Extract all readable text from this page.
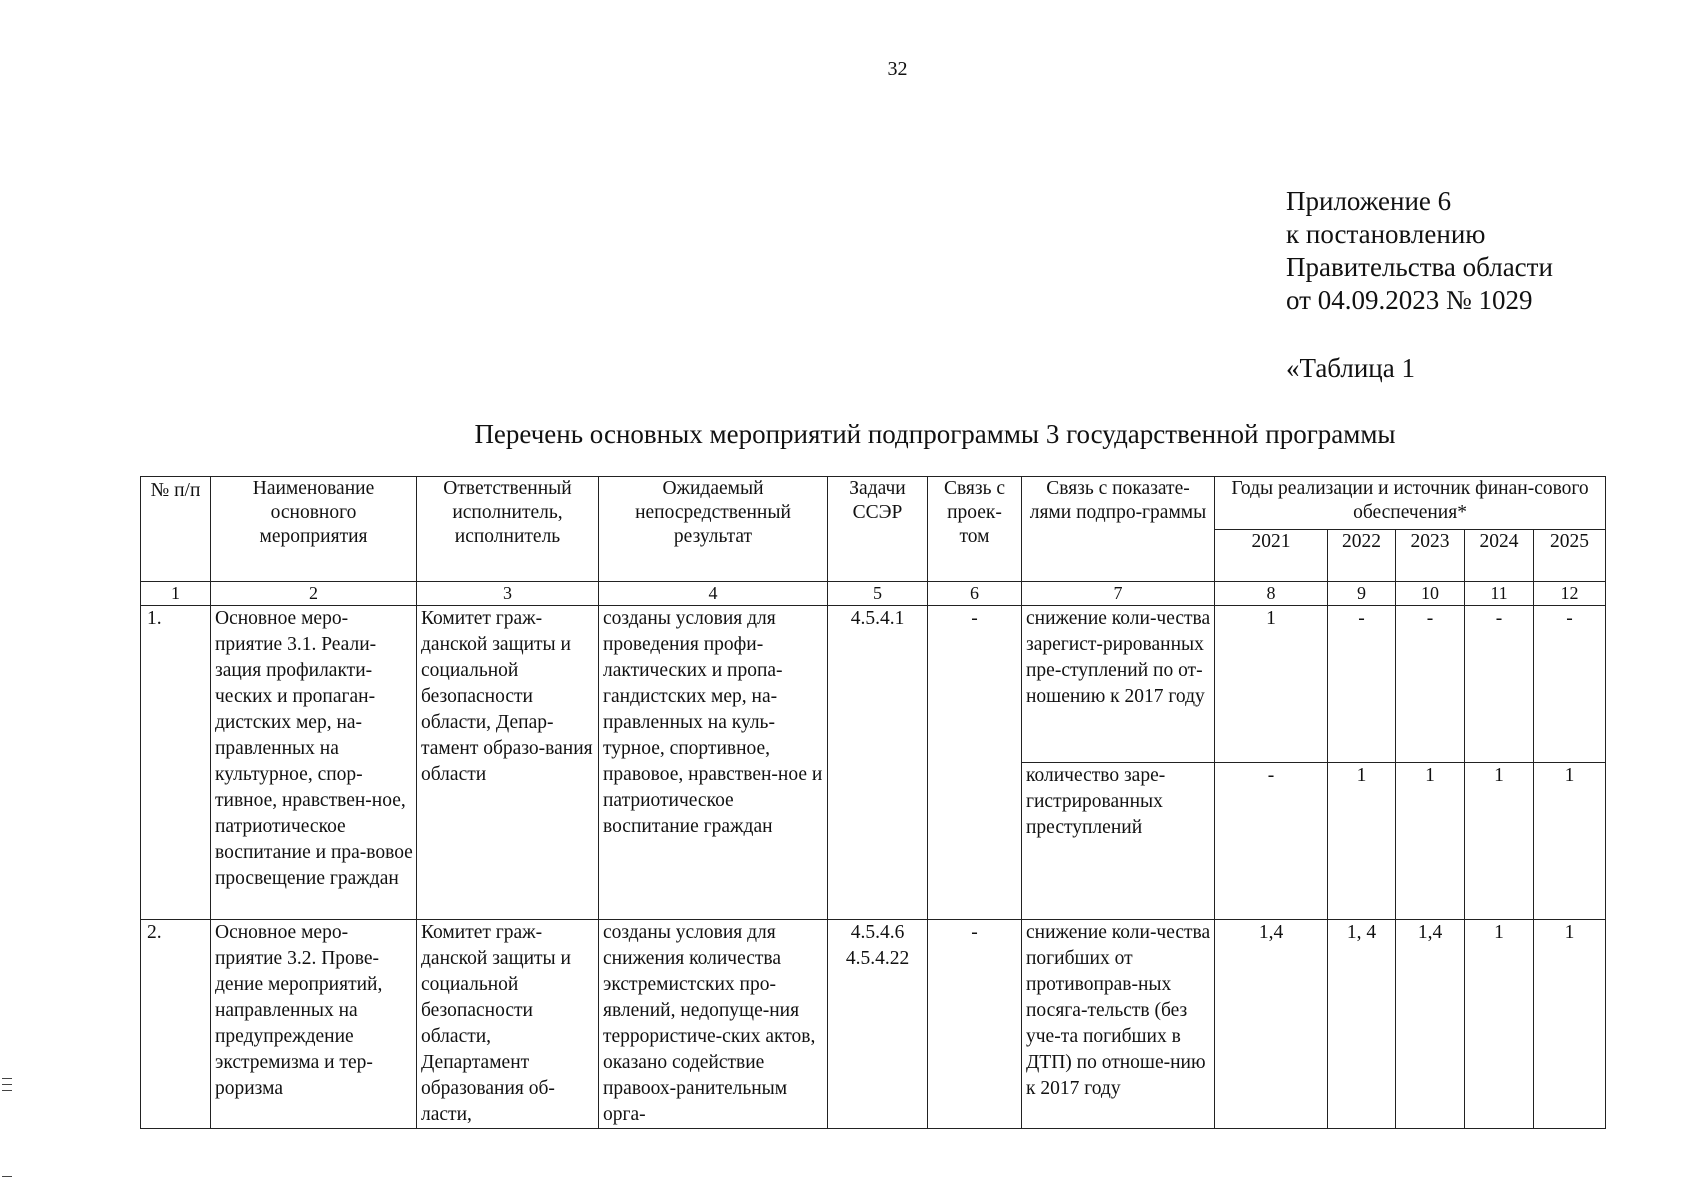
32
Приложение 6
к постановлению
Правительства области
от 04.09.2023 № 1029
«Таблица 1
Перечень основных мероприятий подпрограммы 3 государственной программы
№ п/п	Наименование основного мероприятия	Ответственный исполнитель, исполнитель	Ожидаемый непосредственный результат	Задачи ССЭР	Связь с проек-том	Связь с показате-лями подпро-граммы	Годы реализации и источник финан-сового обеспечения*				
							2021	2022	2023	2024	2025
1	2	3	4	5	6	7	8	9	10	11	12
1.	Основное меро-приятие 3.1. Реали-зация профилакти-ческих и пропаган-дистских мер, на-правленных на культурное, спор-тивное, нравствен-ное, патриотическое воспитание и пра-вовое просвещение граждан	Комитет граж-данской защиты и социальной безопасности области, Депар-тамент образо-вания области	созданы условия для проведения профи-лактических и пропа-гандистских мер, на-правленных на куль-турное, спортивное, правовое, нравствен-ное и патриотическое воспитание граждан	4.5.4.1	-	снижение коли-чества зарегист-рированных пре-ступлений по от-ношению к 2017 году	1	-	-	-	-
						количество заре-гистрированных преступлений	-	1	1	1	1
2.	Основное меро-приятие 3.2. Прове-дение мероприятий, направленных на предупреждение экстремизма и тер-роризма	Комитет граж-данской защиты и социальной безопасности области, Департамент образования об-ласти,	созданы условия для снижения количества экстремистских про-явлений, недопуще-ния террористиче-ских актов, оказано содействие правоох-ранительным орга-	4.5.4.6 4.5.4.22	-	снижение коли-чества погибших от противоправ-ных посяга-тельств (без уче-та погибших в ДТП) по отноше-нию к 2017 году	1,4	1, 4	1,4	1	1
